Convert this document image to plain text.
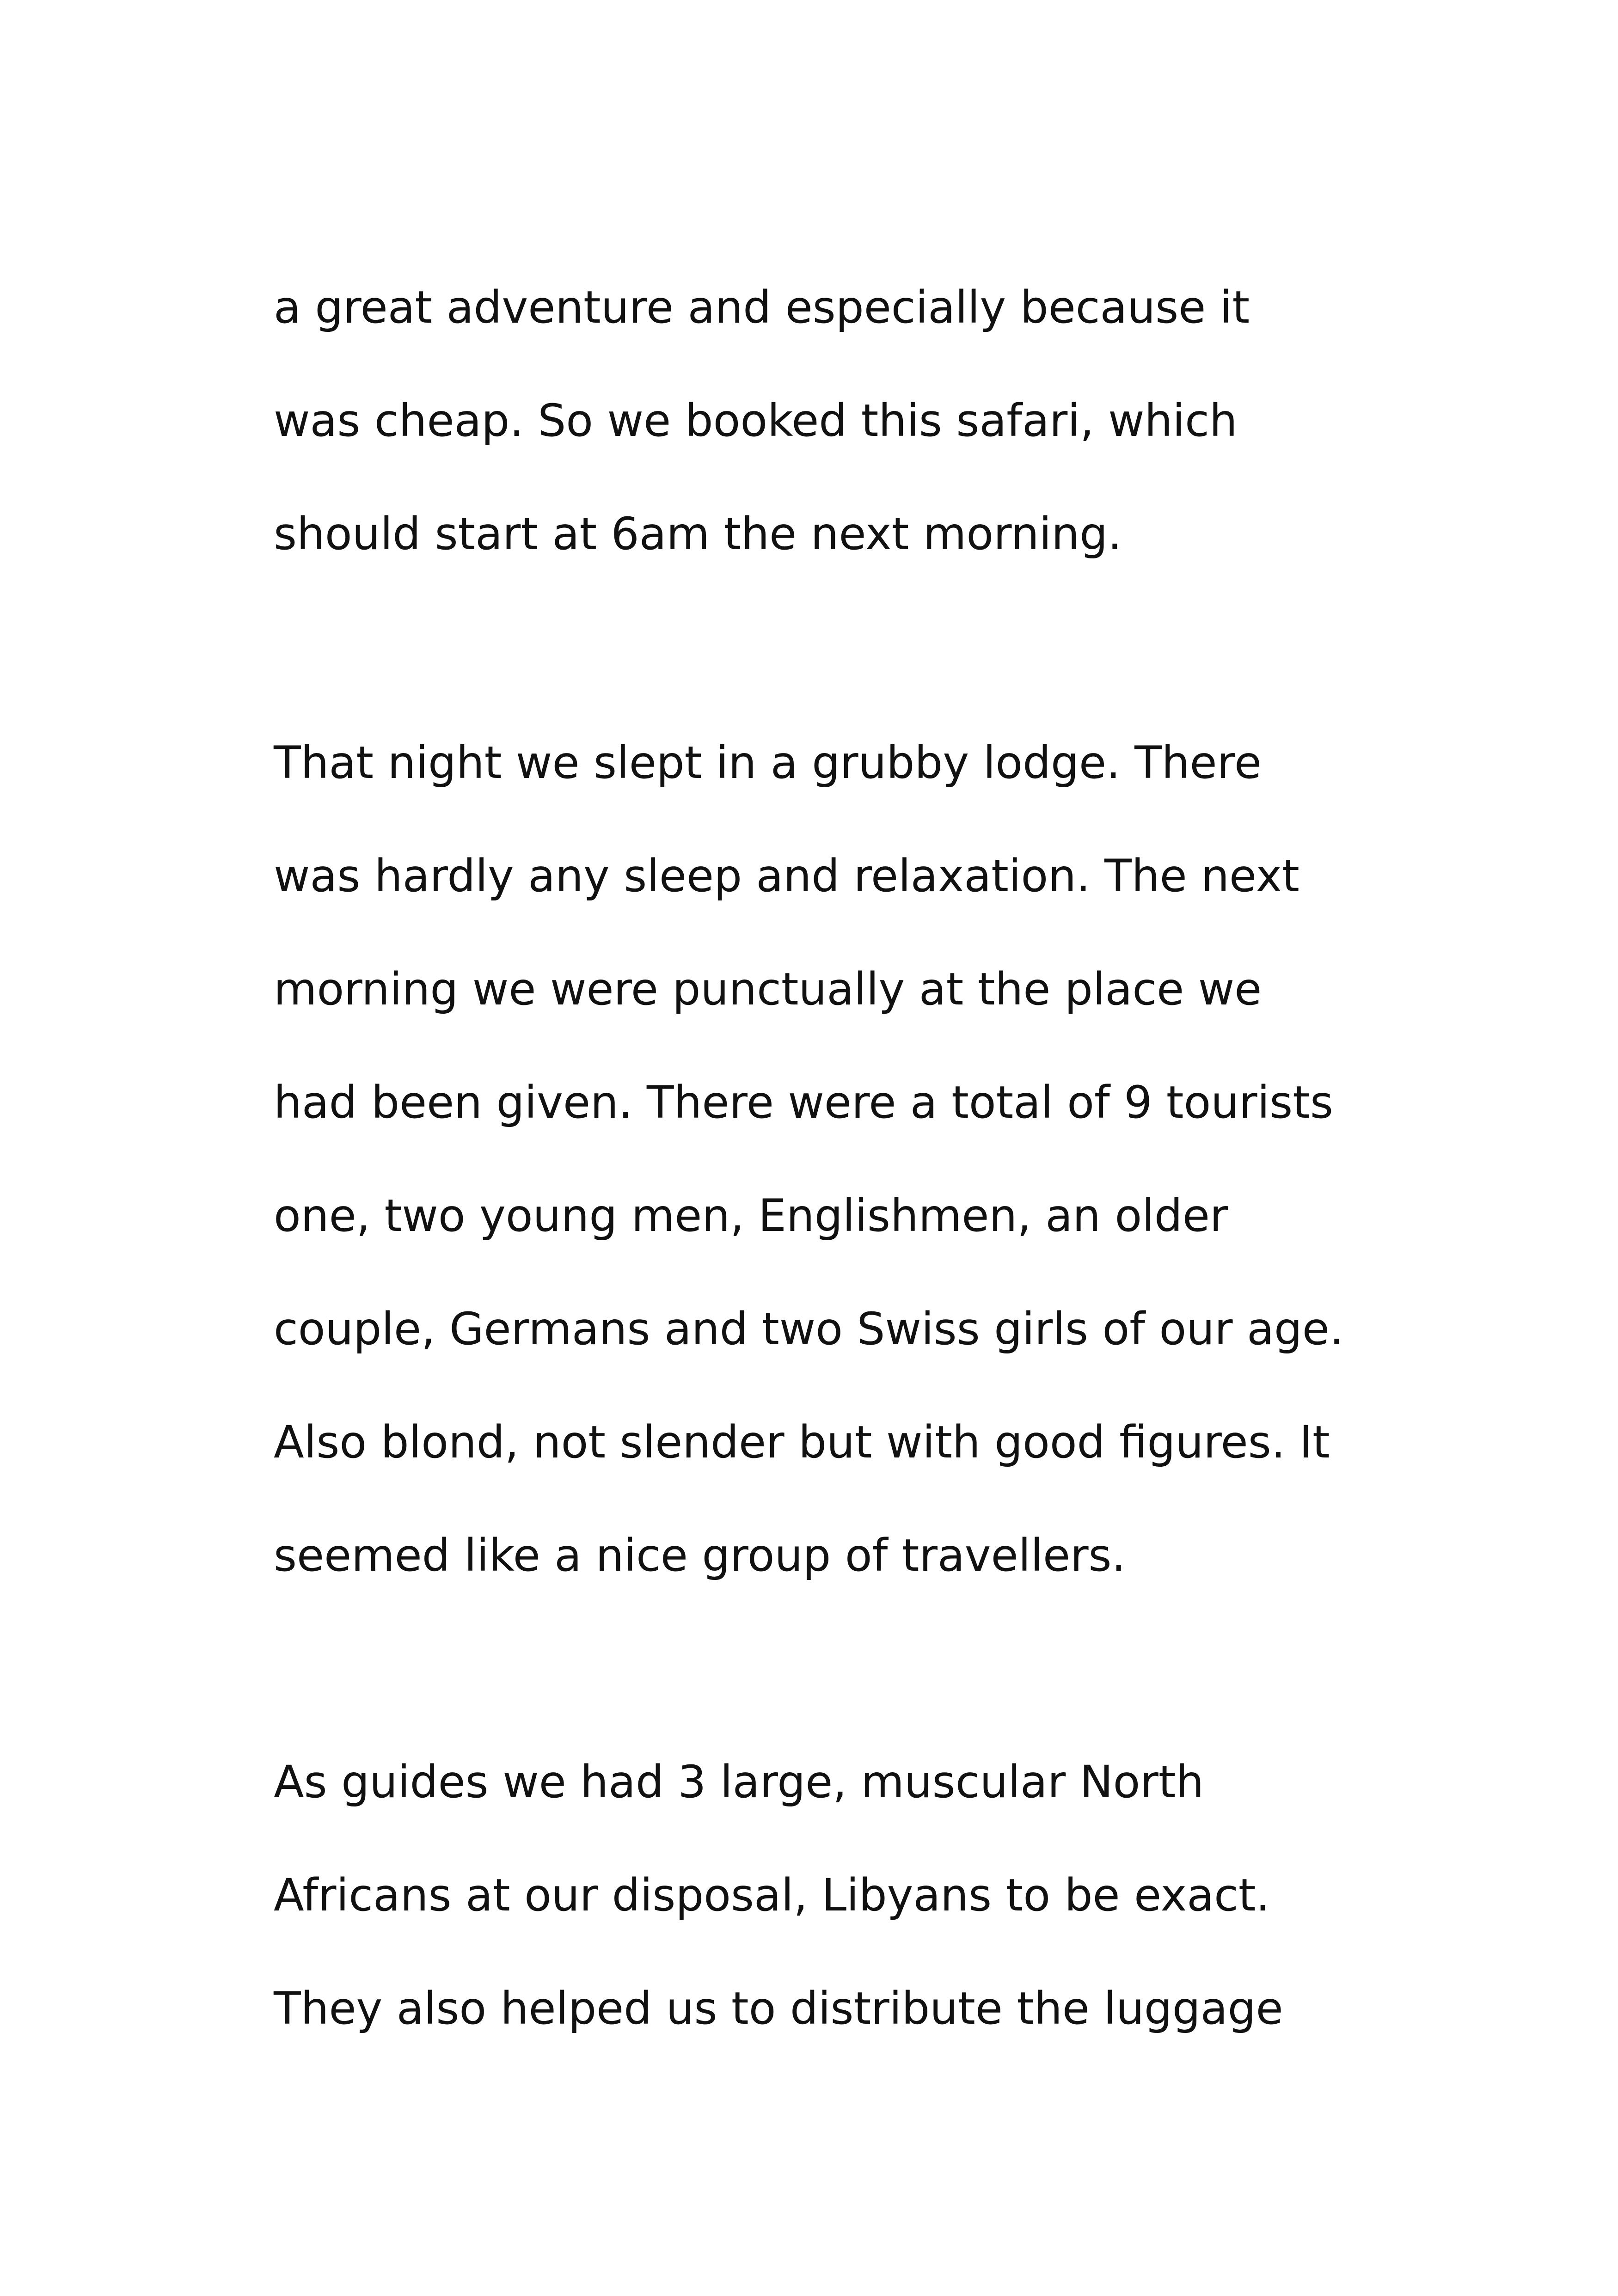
a great adventure and especially because it

was cheap. So we booked this safari, which

should start at 6am the next morning.

That night we slept in a grubby lodge. There

was hardly any sleep and relaxation. The next

morning we were punctually at the place we

had been given. There were a total of 9 tourists

one, two young men, Englishmen, an older

couple, Germans and two Swiss girls of our age.

Also blond, not slender but with good figures. It

seemed like a nice group of travellers.

As guides we had 3 large, muscular North

Africans at our disposal, Libyans to be exact.

They also helped us to distribute the luggage
